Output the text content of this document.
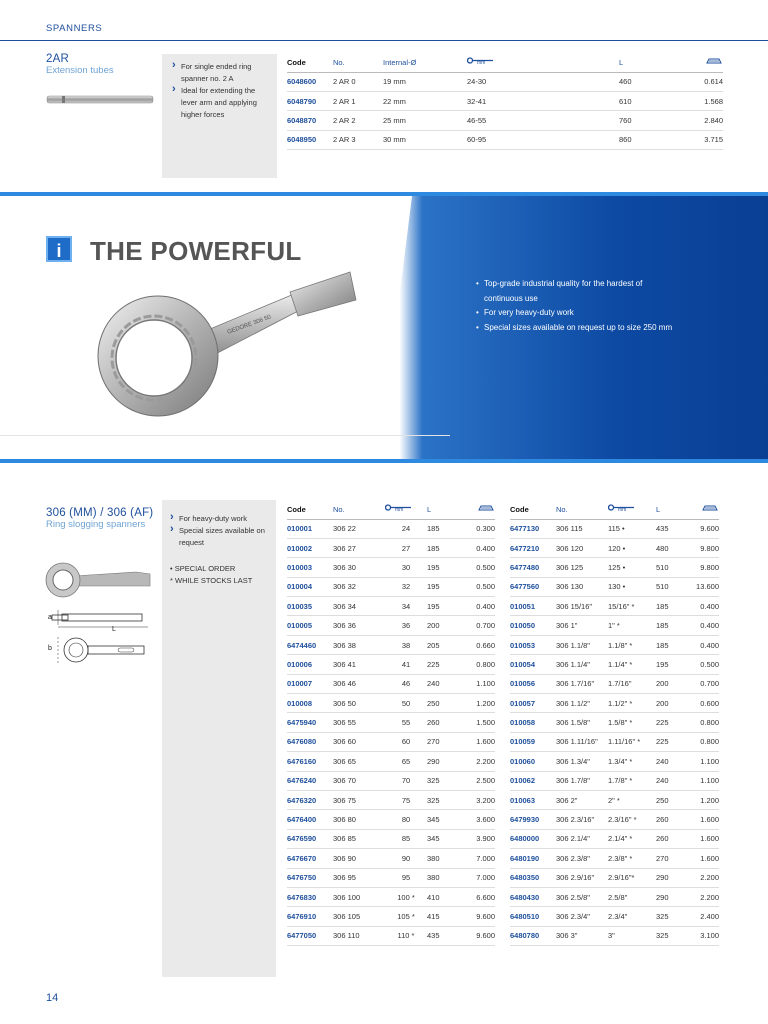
SPANNERS
2AR
Extension tubes	› For single ended ring spanner no. 2 A
› Ideal for extending the lever arm and applying higher forces
Code	No.	Internal-Ø	mm	L	
6048600	2 AR 0	19 mm	24-30	460	0.614
6048790	2 AR 1	22 mm	32-41	610	1.568
6048870	2 AR 2	25 mm	46-55	760	2.840
6048950	2 AR 3	30 mm	60-95	860	3.715
i	THE POWERFUL
GEDORE 306 50
• Top-grade industrial quality for the hardest of continuous use
• For very heavy-duty work
• Special sizes available on request up to size 250 mm
306 (MM) / 306 (AF)
Ring slogging spanners
a
L
b
› For heavy-duty work
› Special sizes available on request
• SPECIAL ORDER
* WHILE STOCKS LAST
Code	No.	mm	L	
010001	306 22	24	185	0.300
010002	306 27	27	185	0.400
010003	306 30	30	195	0.500
010004	306 32	32	195	0.500
010035	306 34	34	195	0.400
010005	306 36	36	200	0.700
6474460	306 38	38	205	0.660
010006	306 41	41	225	0.800
010007	306 46	46	240	1.100
010008	306 50	50	250	1.200
6475940	306 55	55	260	1.500
6476080	306 60	60	270	1.600
6476160	306 65	65	290	2.200
6476240	306 70	70	325	2.500
6476320	306 75	75	325	3.200
6476400	306 80	80	345	3.600
6476590	306 85	85	345	3.900
6476670	306 90	90	380	7.000
6476750	306 95	95	380	7.000
6476830	306 100	100 *	410	6.600
6476910	306 105	105 *	415	9.600
6477050	306 110	110 *	435	9.600
Code	No.	mm	L	
6477130	306 115	115 •	435	9.600
6477210	306 120	120 •	480	9.800
6477480	306 125	125 •	510	9.800
6477560	306 130	130 •	510	13.600
010051	306 15/16"	15/16" *	185	0.400
010050	306 1"	1" *	185	0.400
010053	306 1.1/8"	1.1/8" *	185	0.400
010054	306 1.1/4"	1.1/4" *	195	0.500
010056	306 1.7/16"	1.7/16"	200	0.700
010057	306 1.1/2"	1.1/2" *	200	0.600
010058	306 1.5/8"	1.5/8" *	225	0.800
010059	306 1.11/16"	1.11/16" *	225	0.800
010060	306 1.3/4"	1.3/4" *	240	1.100
010062	306 1.7/8"	1.7/8" *	240	1.100
010063	306 2"	2" *	250	1.200
6479930	306 2.3/16"	2.3/16" *	260	1.600
6480000	306 2.1/4"	2.1/4" *	260	1.600
6480190	306 2.3/8"	2.3/8" *	270	1.600
6480350	306 2.9/16"	2.9/16"*	290	2.200
6480430	306 2.5/8"	2.5/8"	290	2.200
6480510	306 2.3/4"	2.3/4"	325	2.400
6480780	306 3"	3"	325	3.100
14
